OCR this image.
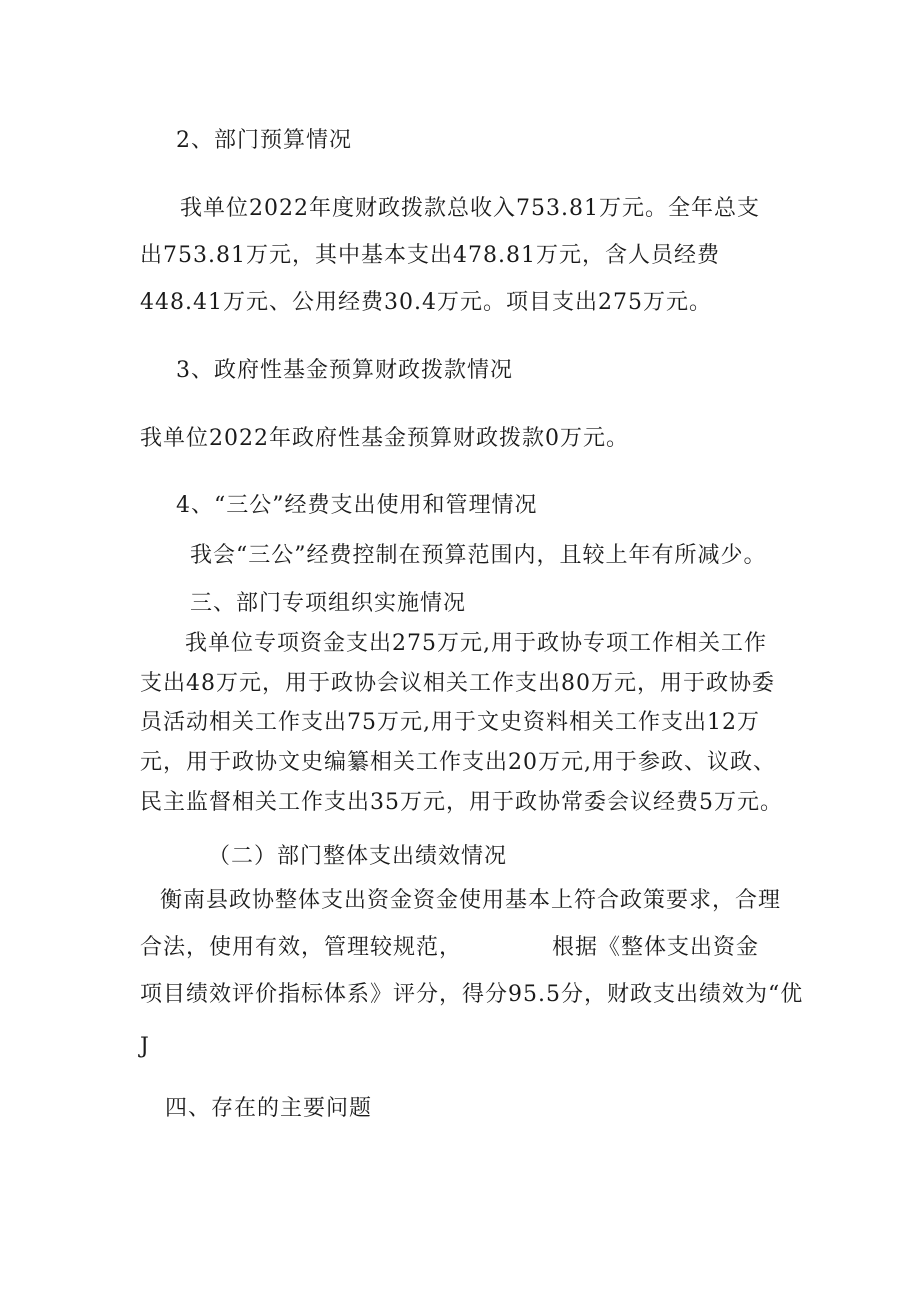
2、部门预算情况
我单位2022年度财政拨款总收入753.81万元。全年总支
出753.81万元，其中基本支出478.81万元，含人员经费
448.41万元、公用经费30.4万元。项目支出275万元。
3、政府性基金预算财政拨款情况
我单位2022年政府性基金预算财政拨款0万元。
4、“三公”经费支出使用和管理情况
我会“三公”经费控制在预算范围内，且较上年有所减少。
三、部门专项组织实施情况
我单位专项资金支出275万元,用于政协专项工作相关工作
支出48万元，用于政协会议相关工作支出80万元，用于政协委
员活动相关工作支出75万元,用于文史资料相关工作支出12万
元，用于政协文史编纂相关工作支出20万元,用于参政、议政、
民主监督相关工作支出35万元，用于政协常委会议经费5万元。
（二）部门整体支出绩效情况
衡南县政协整体支出资金资金使用基本上符合政策要求，合理
合法，使用有效，管理较规范，	根据《整体支出资金
项目绩效评价指标体系》评分，得分95.5分，财政支出绩效为“优
J
四、存在的主要问题
